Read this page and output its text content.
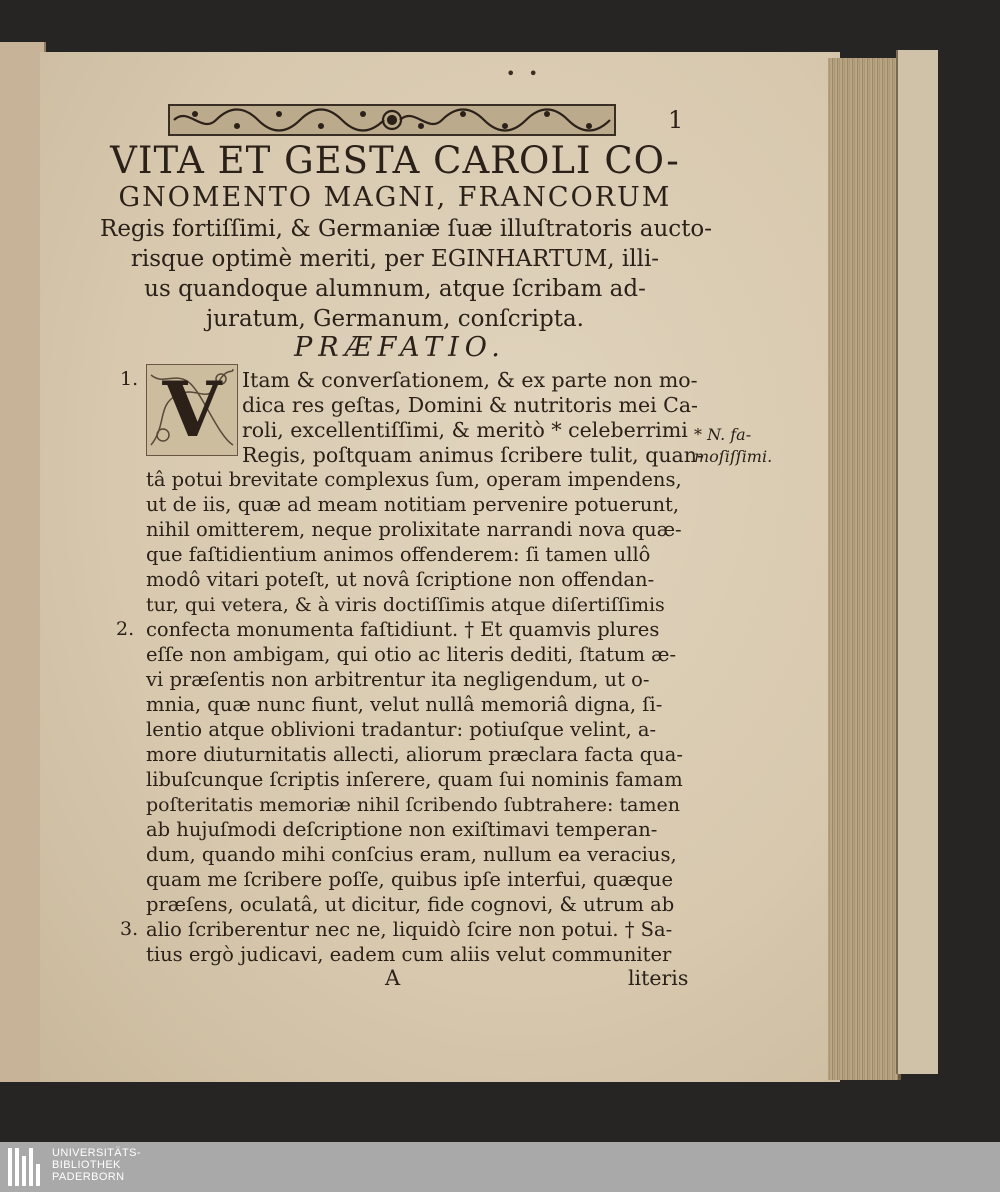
• •
1
VITA ET GESTA CAROLI CO-
GNOMENTO MAGNI, FRANCORUM
Regis fortiſſimi, & Germaniæ ſuæ illuſtratoris aucto-
risque optimè meriti, per EGINHARTUM, illi-
us quandoque alumnum, atque ſcribam ad-
juratum, Germanum, conſcripta.
PRÆFATIO.
V	Itam & converſationem, & ex parte non mo-
dica res geſtas, Domini & nutritoris mei Ca-
roli, excellentiſſimi, & meritò * celeberrimi
Regis, poſtquam animus ſcribere tulit, quan-
tâ potui brevitate complexus ſum, operam impendens,
ut de iis, quæ ad meam notitiam pervenire potuerunt,
nihil omitterem, neque prolixitate narrandi nova quæ-
que faſtidientium animos offenderem: ſi tamen ullô
modô vitari poteſt, ut novâ ſcriptione non offendan-
tur, qui vetera, & à viris doctiſſimis atque diſertiſſimis
confecta monumenta faſtidiunt. † Et quamvis plures
eſſe non ambigam, qui otio ac literis dediti, ſtatum æ-
vi præſentis non arbitrentur ita negligendum, ut o-
mnia, quæ nunc fiunt, velut nullâ memoriâ digna, ſi-
lentio atque oblivioni tradantur: potiuſque velint, a-
more diuturnitatis allecti, aliorum præclara facta qua-
libuſcunque ſcriptis inſerere, quam ſui nominis famam
poſteritatis memoriæ nihil ſcribendo ſubtrahere: tamen
ab hujuſmodi deſcriptione non exiſtimavi temperan-
dum, quando mihi conſcius eram, nullum ea veracius,
quam me ſcribere poſſe, quibus ipſe interfui, quæque
præſens, oculatâ, ut dicitur, fide cognovi, & utrum ab
alio ſcriberentur nec ne, liquidò ſcire non potui. † Sa-
tius ergò judicavi, eadem cum aliis velut communiter
1.
2.
3.
* N. fa-
moſiſſimi.
A	literis
UNIVERSITÄTS-
BIBLIOTHEK
PADERBORN
